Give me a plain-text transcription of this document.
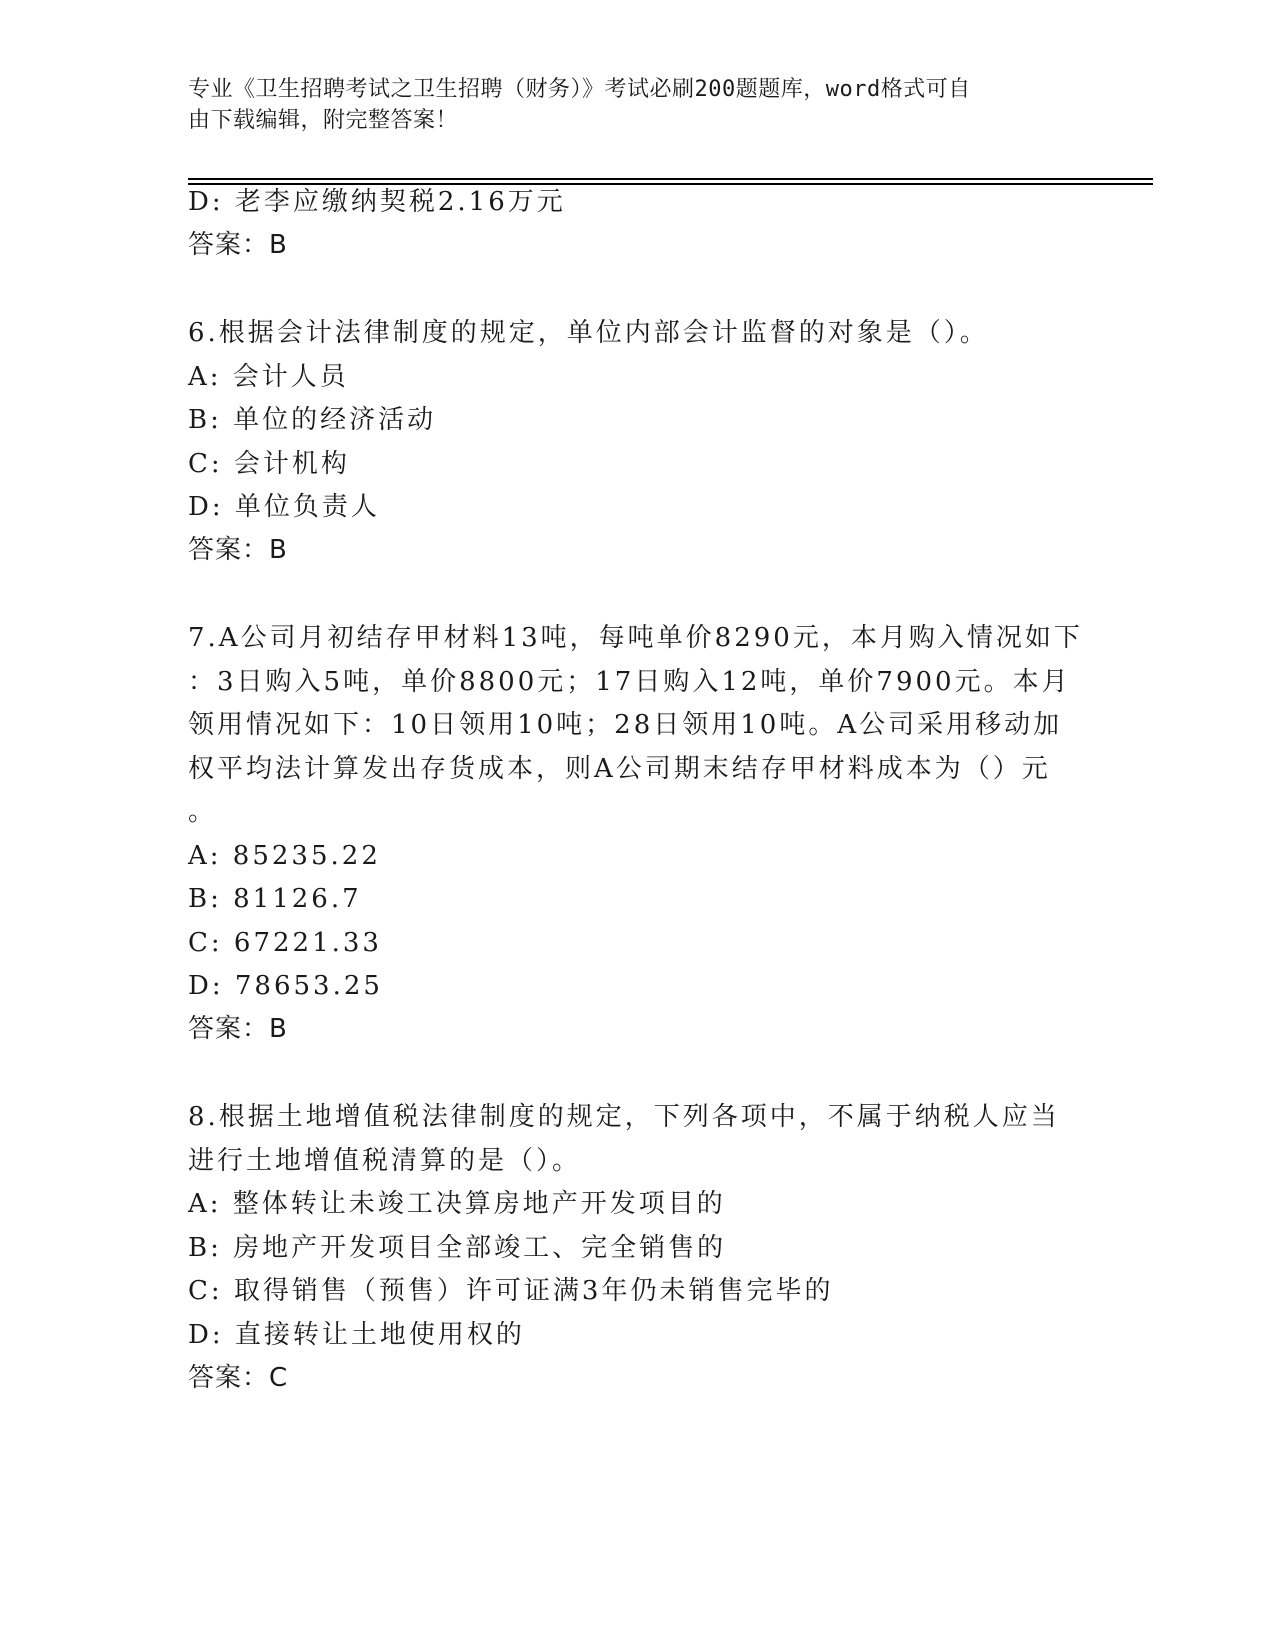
专业《卫生招聘考试之卫生招聘（财务）》考试必刷200题题库，word格式可自
由下载编辑，附完整答案！
D: 老李应缴纳契税2.16万元
答案：B
6.根据会计法律制度的规定，单位内部会计监督的对象是（）。
A: 会计人员
B: 单位的经济活动
C: 会计机构
D: 单位负责人
答案：B
7.A公司月初结存甲材料13吨，每吨单价8290元，本月购入情况如下
：3日购入5吨，单价8800元；17日购入12吨，单价7900元。本月
领用情况如下：10日领用10吨；28日领用10吨。A公司采用移动加
权平均法计算发出存货成本，则A公司期末结存甲材料成本为（）元
。
A: 85235.22
B: 81126.7
C: 67221.33
D: 78653.25
答案：B
8.根据土地增值税法律制度的规定，下列各项中，不属于纳税人应当
进行土地增值税清算的是（）。
A: 整体转让未竣工决算房地产开发项目的
B: 房地产开发项目全部竣工、完全销售的
C: 取得销售（预售）许可证满3年仍未销售完毕的
D: 直接转让土地使用权的
答案：C
